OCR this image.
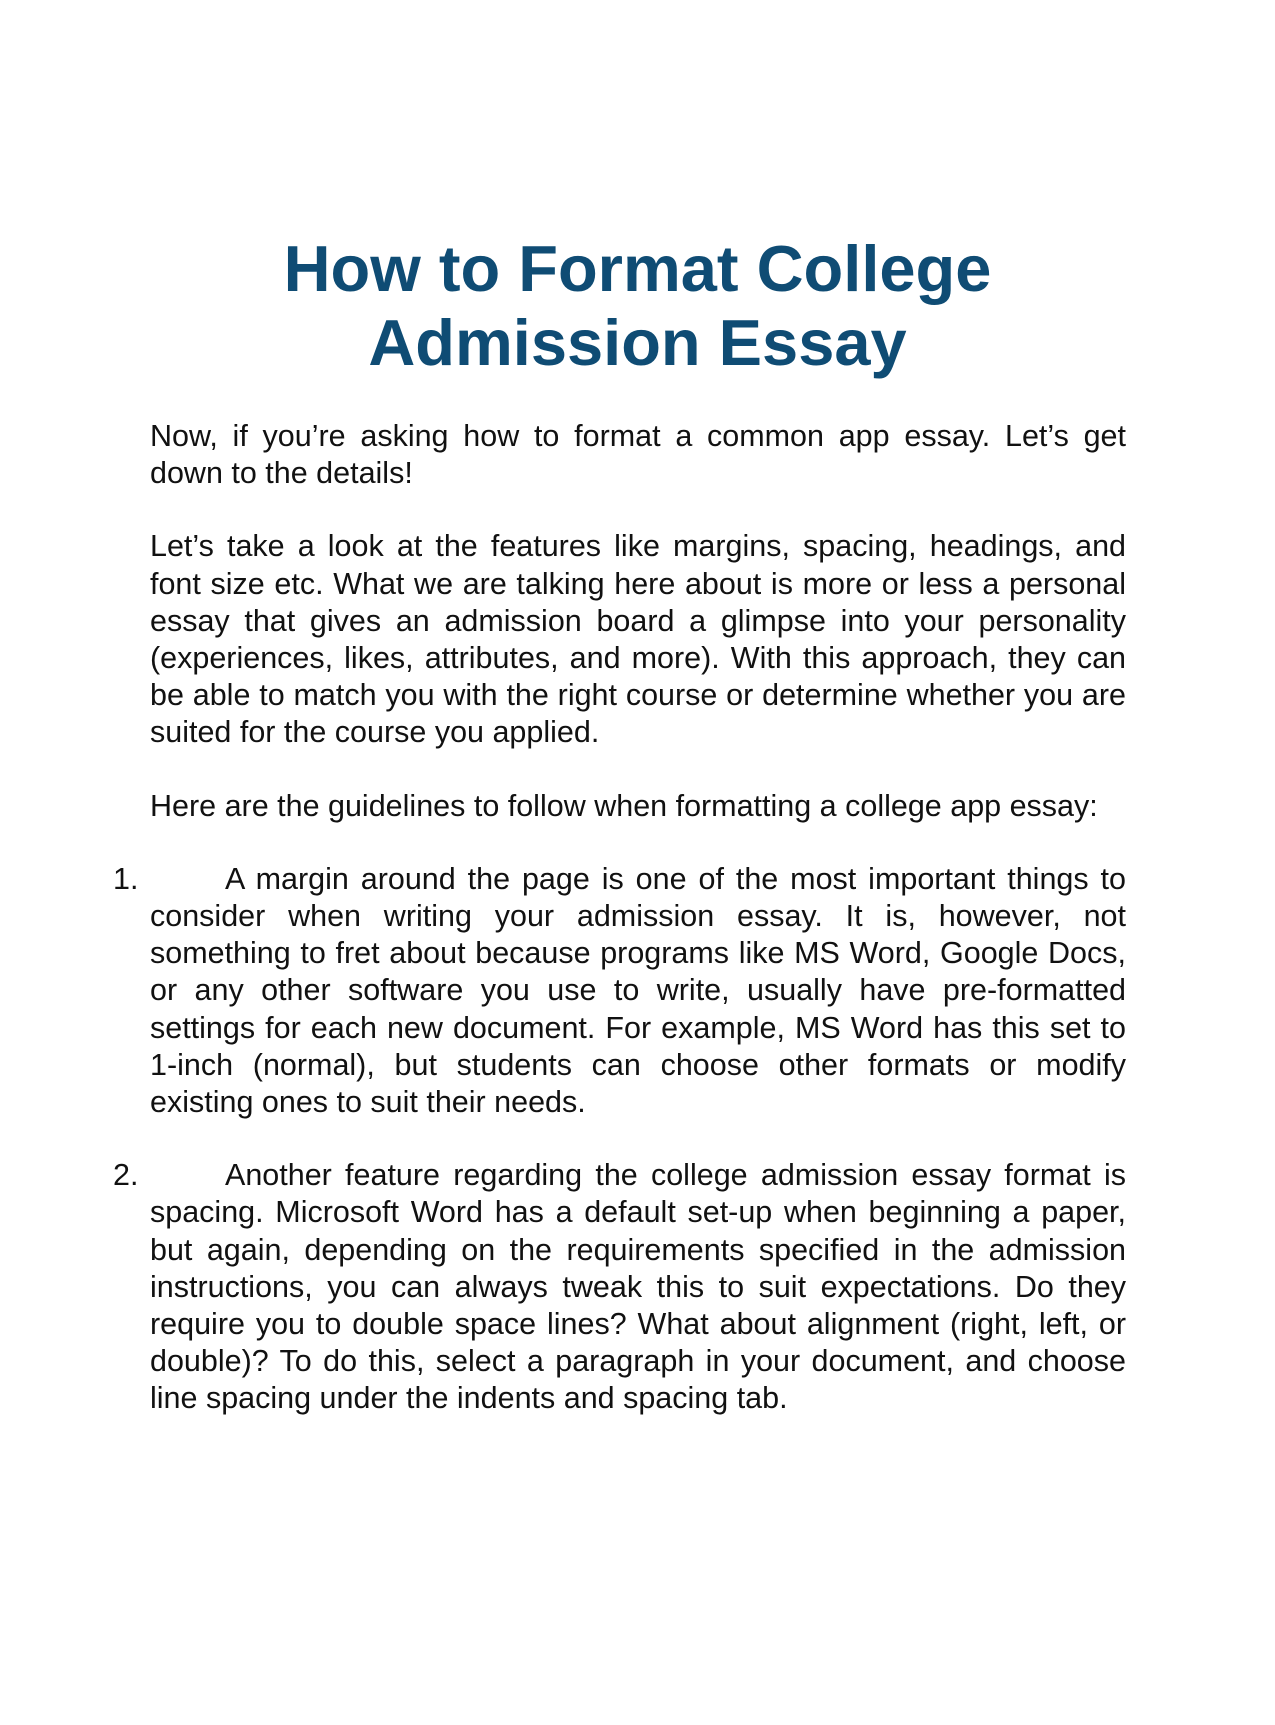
How to Format College
Admission Essay

Now, if you’re asking how to format a common app essay. Let’s get down to the details!

Let’s take a look at the features like margins, spacing, headings, and font size etc. What we are talking here about is more or less a personal essay that gives an admission board a glimpse into your personality (experiences, likes, attributes, and more). With this approach, they can be able to match you with the right course or determine whether you are suited for the course you applied.

Here are the guidelines to follow when formatting a college app essay:

1.	A margin around the page is one of the most important things to consider when writing your admission essay. It is, however, not something to fret about because programs like MS Word, Google Docs, or any other software you use to write, usually have pre-formatted settings for each new document. For example, MS Word has this set to 1-inch (normal), but students can choose other formats or modify existing ones to suit their needs.

2.	Another feature regarding the college admission essay format is spacing. Microsoft Word has a default set-up when beginning a paper, but again, depending on the requirements specified in the admission instructions, you can always tweak this to suit expectations. Do they require you to double space lines? What about alignment (right, left, or double)? To do this, select a paragraph in your document, and choose line spacing under the indents and spacing tab.
